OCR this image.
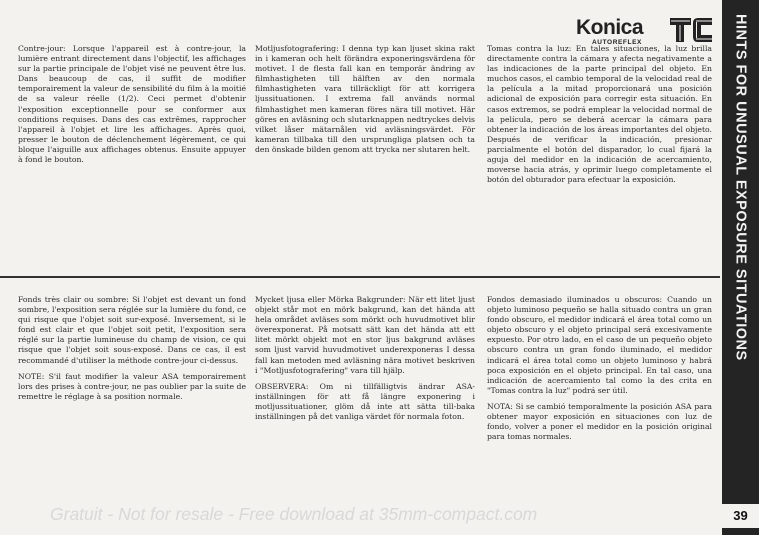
Konica
AUTOREFLEX	HINTS FOR UNUSUAL EXPOSURE SITUATIONS
39

Contre-jour: Lorsque l'appareil est à contre-jour, la lumière entrant directement dans l'objectif, les affichages sur la partie principale de l'objet visé ne peuvent être lus. Dans beaucoup de cas, il suffit de modifier temporairement la valeur de sensibilité du film à la moitié de sa valeur réelle (1/2). Ceci permet d'obtenir l'exposition exceptionnelle pour se conformer aux conditions requises. Dans des cas extrêmes, rapprocher l'appareil à l'objet et lire les affichages. Après quoi, presser le bouton de déclenchement légèrement, ce qui bloque l'aiguille aux affichages obtenus. Ensuite appuyer à fond le bouton.

Motljusfotografering: I denna typ kan ljuset skina rakt in i kameran och helt förändra exponeringsvärdena för motivet. I de flesta fall kan en temporär ändring av filmhastigheten till hälften av den normala filmhastigheten vara tillräckligt för att korrigera ljussituationen. I extrema fall används normal filmhastighet men kameran föres nära till motivet. Här göres en avläsning och slutarknappen nedtryckes delvis vilket låser mätarnålen vid avläsningsvärdet. För kameran tillbaka till den ursprungliga platsen och ta den önskade bilden genom att trycka ner slutaren helt.

Tomas contra la luz: En tales situaciones, la luz brilla directamente contra la cámara y afecta negativamente a las indicaciones de la parte principal del objeto. En muchos casos, el cambio temporal de la velocidad real de la película a la mitad proporcionará una posición adicional de exposición para corregir esta situación. En casos extremos, se podrá emplear la velocidad normal de la película, pero se deberá acercar la cámara para obtener la indicación de los áreas importantes del objeto. Después de verificar la indicación, presionar parcialmente el botón del disparador, lo cual fijará la aguja del medidor en la indicación de acercamiento, moverse hacia atrás, y oprimir luego completamente el botón del obturador para efectuar la exposición.

Fonds très clair ou sombre: Si l'objet est devant un fond sombre, l'exposition sera réglée sur la lumière du fond, ce qui risque que l'objet soit sur-exposé. Inversement, si le fond est clair et que l'objet soit petit, l'exposition sera réglé sur la partie lumineuse du champ de vision, ce qui risque que l'objet soit sous-exposé. Dans ce cas, il est recommandé d'utiliser la méthode contre-jour ci-dessus.

NOTE: S'il faut modifier la valeur ASA temporairement lors des prises à contre-jour, ne pas oublier par la suite de remettre le réglage à sa position normale.

Mycket ljusa eller Mörka Bakgrunder: När ett litet ljust objekt står mot en mörk bakgrund, kan det hända att hela området avläses som mörkt och huvudmotivet blir överexponerat. På motsatt sätt kan det hända att ett litet mörkt objekt mot en stor ljus bakgrund avläses som ljust varvid huvudmotivet underexponeras I dessa fall kan metoden med avläsning nära motivet beskriven i "Motljusfotografering" vara till hjälp.

OBSERVERA: Om ni tillfälligtvis ändrar ASA-inställningen för att få längre exponering i motljussituationer, glöm då inte att sätta till-baka inställningen på det vanliga värdet för normala foton.

Fondos demasiado iluminados u obscuros: Cuando un objeto luminoso pequeño se halla situado contra un gran fondo obscuro, el medidor indicará el área total como un objeto obscuro y el objeto principal será excesivamente expuesto. Por otro lado, en el caso de un pequeño objeto obscuro contra un gran fondo iluminado, el medidor indicará el área total como un objeto luminoso y habrá poca exposición en el objeto principal. En tal caso, una indicación de acercamiento tal como la des crita en "Tomas contra la luz" podrá ser útil.

NOTA: Si se cambió temporalmente la posición ASA para obtener mayor exposición en situaciones con luz de fondo, volver a poner el medidor en la posición original para tomas normales.

Gratuit - Not for resale - Free download at 35mm-compact.com
